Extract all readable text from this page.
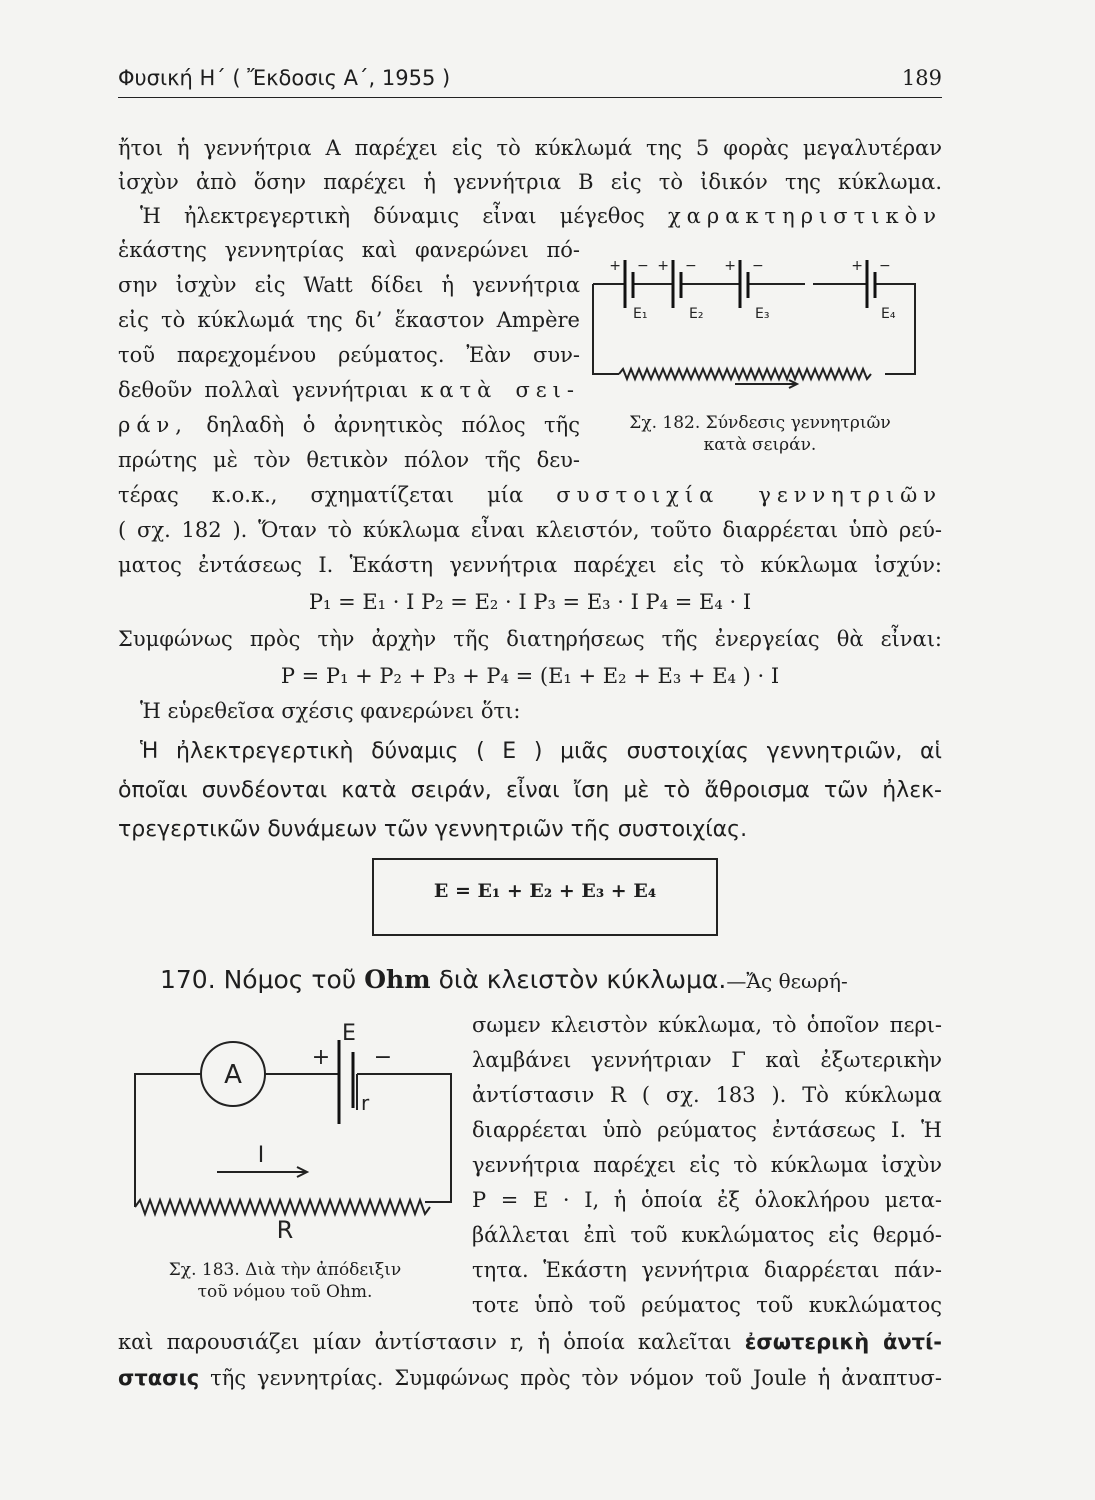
Φυσική Η΄ ( Ἔκδοσις Α΄, 1955 )	189
ἤτοι ἡ γεννήτρια Α παρέχει εἰς τὸ κύκλωμά της 5 φορὰς μεγαλυτέραν
ἰσχὺν ἀπὸ ὅσην παρέχει ἡ γεννήτρια Β εἰς τὸ ἰδικόν της κύκλωμα.
Ἡ ἠλεκτρεγερτικὴ δύναμις εἶναι μέγεθος χαρακτηριστικὸν
ἑκάστης γεννητρίας καὶ φανερώνει πό-
σην ἰσχὺν εἰς Watt δίδει ἡ γεννήτρια
εἰς τὸ κύκλωμά της δι’ ἕκαστον Ampère
τοῦ παρεχομένου ρεύματος. Ἐὰν συν-
δεθοῦν πολλαὶ γεννήτριαι κατὰ σει-
ράν, δηλαδὴ ὁ ἀρνητικὸς πόλος τῆς
πρώτης μὲ τὸν θετικὸν πόλον τῆς δευ-
τέρας κ.ο.κ., σχηματίζεται μία συστοιχία γεννητριῶν
( σχ. 182 ). Ὅταν τὸ κύκλωμα εἶναι κλειστόν, τοῦτο διαρρέεται ὑπὸ ρεύ-
ματος ἐντάσεως Ι. Ἑκάστη γεννήτρια παρέχει εἰς τὸ κύκλωμα ἰσχύν:
P₁ = E₁ · I P₂ = E₂ · I P₃ = E₃ · I P₄ = E₄ · I
Συμφώνως πρὸς τὴν ἀρχὴν τῆς διατηρήσεως τῆς ἐνεργείας θὰ εἶναι:
P = P₁ + P₂ + P₃ + P₄ = (E₁ + E₂ + E₃ + E₄ ) · I
Ἡ εὑρεθεῖσα σχέσις φανερώνει ὅτι:
Ἡ ἠλεκτρεγερτικὴ δύναμις ( E ) μιᾶς συστοιχίας γεννητριῶν, αἱ
ὁποῖαι συνδέονται κατὰ σειράν, εἶναι ἴση μὲ τὸ ἄθροισμα τῶν ἠλεκ-
τρεγερτικῶν δυνάμεων τῶν γεννητριῶν τῆς συστοιχίας.
E = E₁ + E₂ + E₃ + E₄
+ − + − + −	+ −
E₁	E₂	E₃	E₄
Σχ. 182. Σύνδεσις γεννητριῶν
κατὰ σειράν.
170. Νόμος τοῦ Ohm διὰ κλειστὸν κύκλωμα.—Ἄς θεωρή-
σωμεν κλειστὸν κύκλωμα, τὸ ὁποῖον περι-
λαμβάνει γεννήτριαν Γ καὶ ἐξωτερικὴν
ἀντίστασιν R ( σχ. 183 ). Τὸ κύκλωμα
διαρρέεται ὑπὸ ρεύματος ἐντάσεως Ι. Ἡ
γεννήτρια παρέχει εἰς τὸ κύκλωμα ἰσχὺν
P = E · I, ἡ ὁποία ἐξ ὁλοκλήρου μετα-
βάλλεται ἐπὶ τοῦ κυκλώματος εἰς θερμό-
τητα. Ἑκάστη γεννήτρια διαρρέεται πάν-
τοτε ὑπὸ τοῦ ρεύματος τοῦ κυκλώματος
καὶ παρουσιάζει μίαν ἀντίστασιν r, ἡ ὁποία καλεῖται ἐσωτερικὴ ἀντί-
στασις τῆς γεννητρίας. Συμφώνως πρὸς τὸν νόμον τοῦ Joule ἡ ἀναπτυσ-
A
E
+ −
r
I
R
Σχ. 183. Διὰ τὴν ἀπόδειξιν
τοῦ νόμου τοῦ Ohm.
